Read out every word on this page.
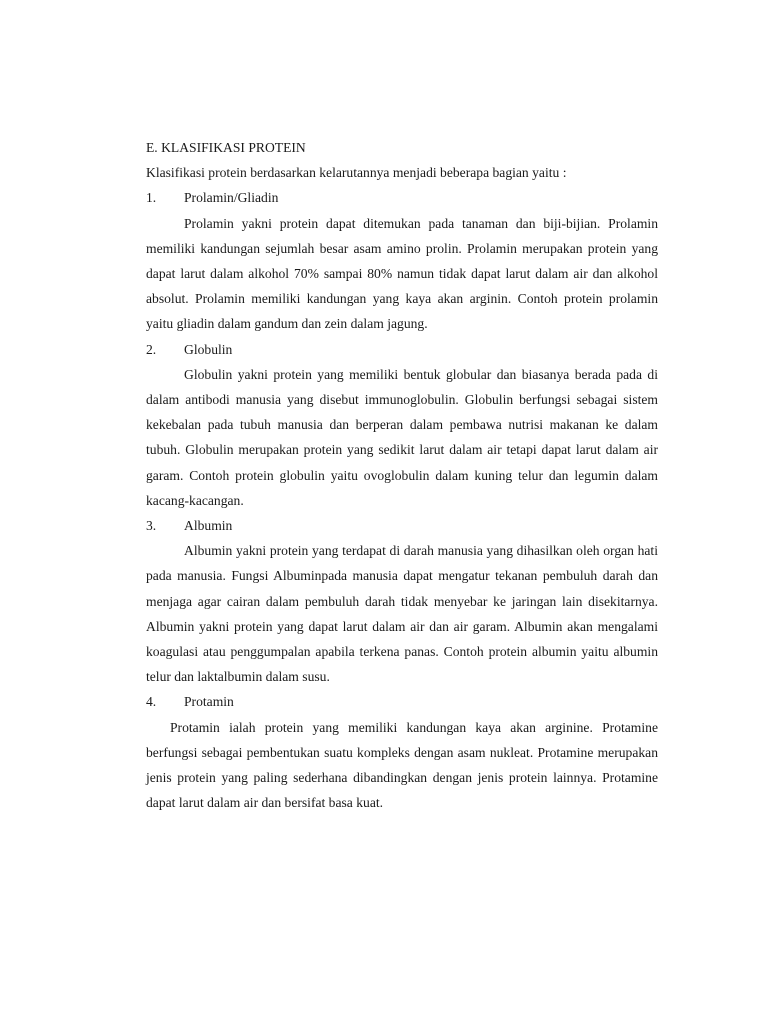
E. KLASIFIKASI PROTEIN

Klasifikasi protein berdasarkan kelarutannya menjadi beberapa bagian yaitu :

1.	Prolamin/Gliadin

Prolamin yakni protein dapat ditemukan pada tanaman dan biji-bijian. Prolamin memiliki kandungan sejumlah besar asam amino prolin. Prolamin merupakan protein yang dapat larut dalam alkohol 70% sampai 80% namun tidak dapat larut dalam air dan alkohol absolut. Prolamin memiliki kandungan yang kaya akan arginin. Contoh protein prolamin yaitu gliadin dalam gandum dan zein dalam jagung.

2.	Globulin

Globulin yakni protein yang memiliki bentuk globular dan biasanya berada pada di dalam antibodi manusia yang disebut immunoglobulin. Globulin berfungsi sebagai sistem kekebalan pada tubuh manusia dan berperan dalam pembawa nutrisi makanan ke dalam tubuh. Globulin merupakan protein yang sedikit larut dalam air tetapi dapat larut dalam air garam. Contoh protein globulin yaitu ovoglobulin dalam kuning telur dan legumin dalam kacang-kacangan.

3.	Albumin

Albumin yakni protein yang terdapat di darah manusia yang dihasilkan oleh organ hati pada manusia. Fungsi Albuminpada manusia dapat mengatur tekanan pembuluh darah dan menjaga agar cairan dalam pembuluh darah tidak menyebar ke jaringan lain disekitarnya. Albumin yakni protein yang dapat larut dalam air dan air garam. Albumin akan mengalami koagulasi atau penggumpalan apabila terkena panas. Contoh protein albumin yaitu albumin telur dan laktalbumin dalam susu.

4.	Protamin

Protamin ialah protein yang memiliki kandungan kaya akan arginine. Protamine berfungsi sebagai pembentukan suatu kompleks dengan asam nukleat. Protamine merupakan jenis protein yang paling sederhana dibandingkan dengan jenis protein lainnya. Protamine dapat larut dalam air dan bersifat basa kuat.
